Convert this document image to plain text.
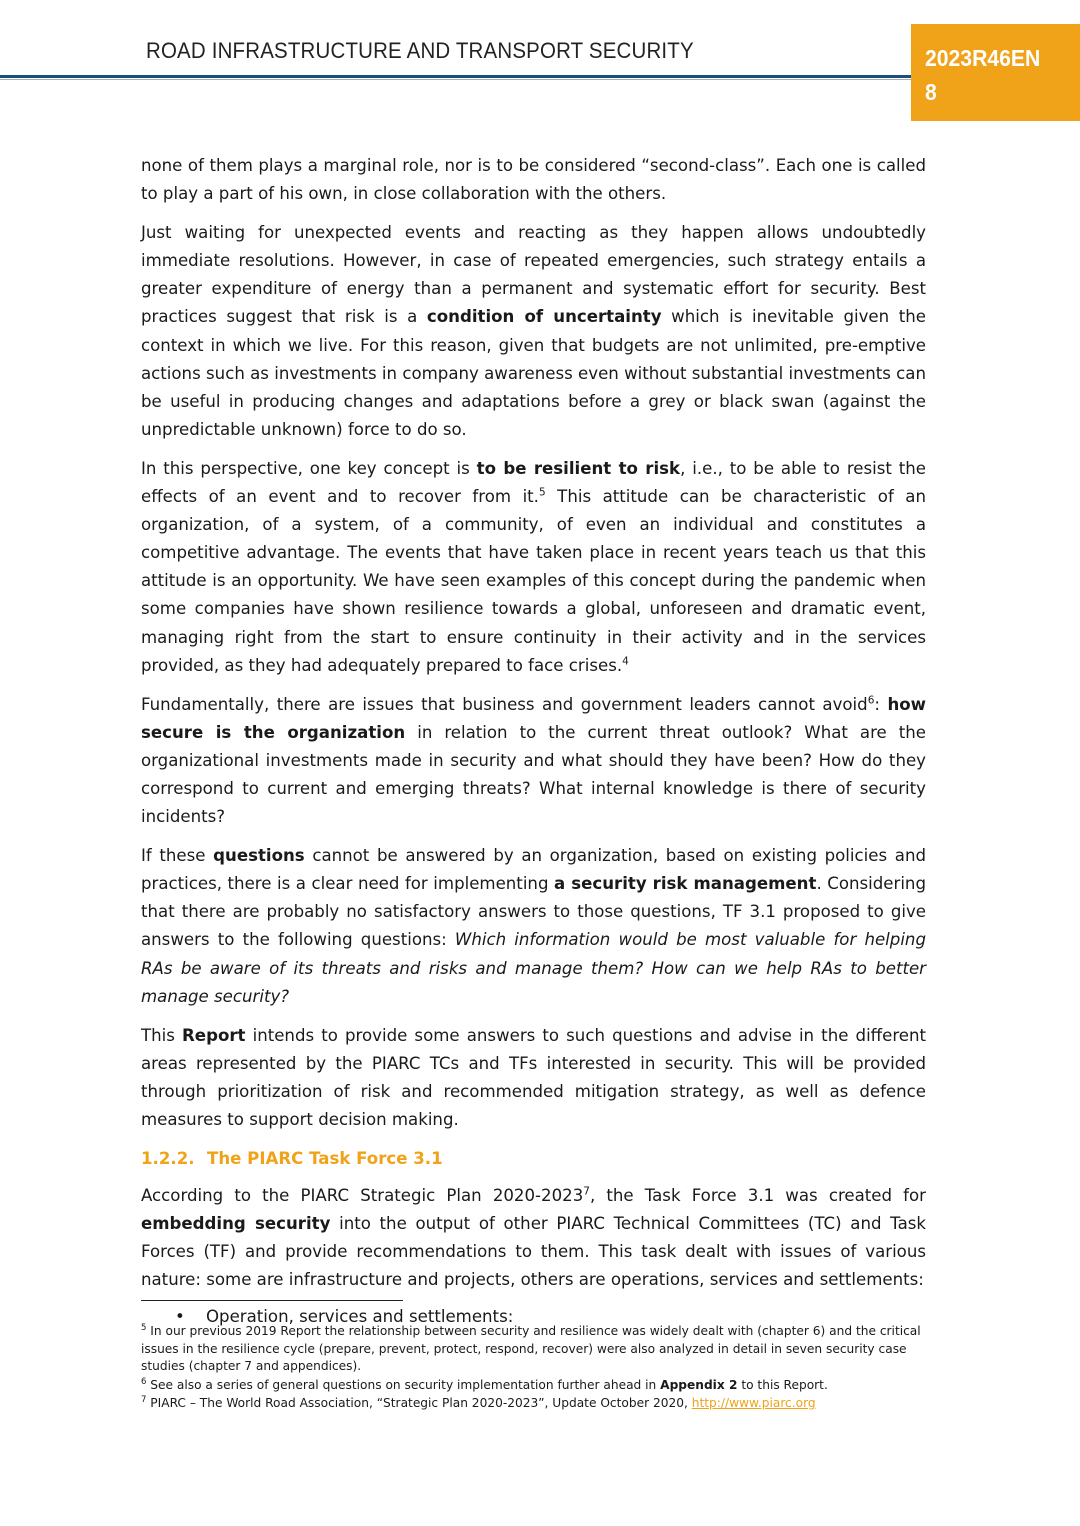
ROAD INFRASTRUCTURE AND TRANSPORT SECURITY	2023R46EN
8

none of them plays a marginal role, nor is to be considered “second-class”. Each one is called to play a part of his own, in close collaboration with the others.

Just waiting for unexpected events and reacting as they happen allows undoubtedly immediate resolutions. However, in case of repeated emergencies, such strategy entails a greater expenditure of energy than a permanent and systematic effort for security. Best practices suggest that risk is a condition of uncertainty which is inevitable given the context in which we live. For this reason, given that budgets are not unlimited, pre-emptive actions such as investments in company awareness even without substantial investments can be useful in producing changes and adaptations before a grey or black swan (against the unpredictable unknown) force to do so.

In this perspective, one key concept is to be resilient to risk, i.e., to be able to resist the effects of an event and to recover from it.$^5$ This attitude can be characteristic of an organization, of a system, of a community, of even an individual and constitutes a competitive advantage. The events that have taken place in recent years teach us that this attitude is an opportunity. We have seen examples of this concept during the pandemic when some companies have shown resilience towards a global, unforeseen and dramatic event, managing right from the start to ensure continuity in their activity and in the services provided, as they had adequately prepared to face crises.$^4$

Fundamentally, there are issues that business and government leaders cannot avoid$^6$: how secure is the organization in relation to the current threat outlook? What are the organizational investments made in security and what should they have been? How do they correspond to current and emerging threats? What internal knowledge is there of security incidents?

If these questions cannot be answered by an organization, based on existing policies and practices, there is a clear need for implementing a security risk management. Considering that there are probably no satisfactory answers to those questions, TF 3.1 proposed to give answers to the following questions: Which information would be most valuable for helping RAs be aware of its threats and risks and manage them? How can we help RAs to better manage security?

This Report intends to provide some answers to such questions and advise in the different areas represented by the PIARC TCs and TFs interested in security. This will be provided through prioritization of risk and recommended mitigation strategy, as well as defence measures to support decision making.

1.2.2. The PIARC Task Force 3.1

According to the PIARC Strategic Plan 2020-2023$^7$, the Task Force 3.1 was created for embedding security into the output of other PIARC Technical Committees (TC) and Task Forces (TF) and provide recommendations to them. This task dealt with issues of various nature: some are infrastructure and projects, others are operations, services and settlements:

• Operation, services and settlements:

$^5$ In our previous 2019 Report the relationship between security and resilience was widely dealt with (chapter 6) and the critical issues in the resilience cycle (prepare, prevent, protect, respond, recover) were also analyzed in detail in seven security case studies (chapter 7 and appendices).

$^6$ See also a series of general questions on security implementation further ahead in Appendix 2 to this Report.

$^7$ PIARC – The World Road Association, “Strategic Plan 2020-2023”, Update October 2020, http://www.piarc.org
